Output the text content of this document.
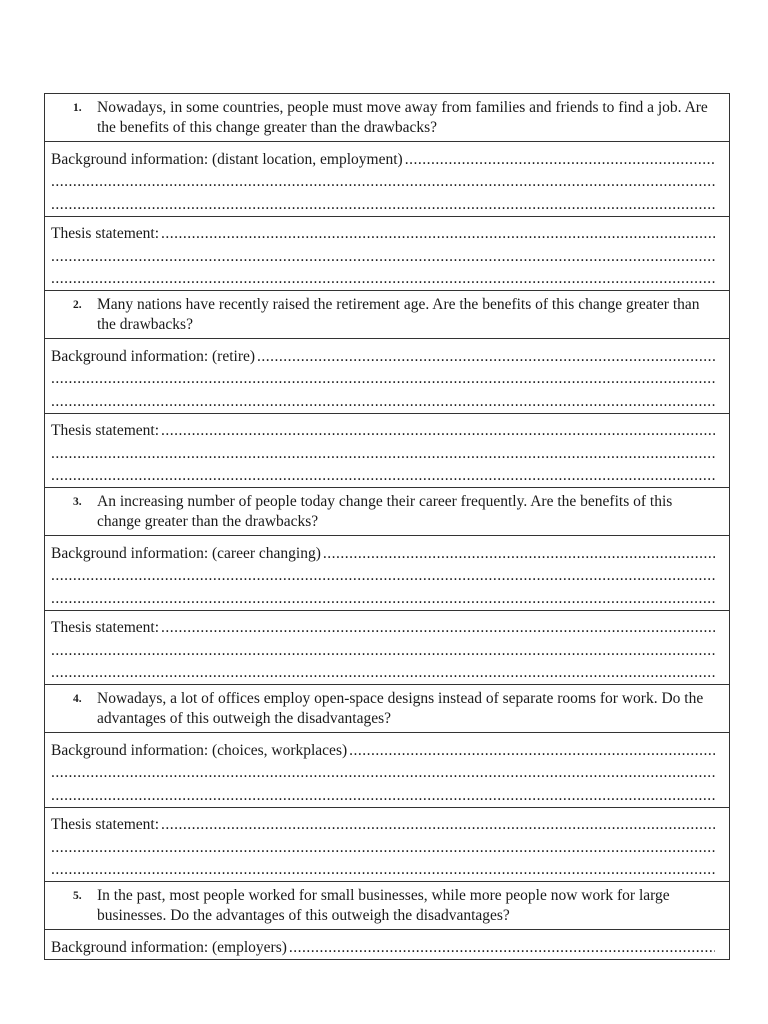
1. Nowadays, in some countries, people must move away from families and friends to find a job. Are the benefits of this change greater than the drawbacks?
Background information: (distant location, employment)
.....
.....
.....
Thesis statement:
.....
.....
.....
2. Many nations have recently raised the retirement age. Are the benefits of this change greater than the drawbacks?
Background information: (retire)
.....
.....
.....
Thesis statement:
.....
.....
.....
3. An increasing number of people today change their career frequently. Are the benefits of this change greater than the drawbacks?
Background information: (career changing)
.....
.....
.....
Thesis statement:
.....
.....
.....
4. Nowadays, a lot of offices employ open-space designs instead of separate rooms for work. Do the advantages of this outweigh the disadvantages?
Background information: (choices, workplaces)
.....
.....
.....
Thesis statement:
.....
.....
.....
5. In the past, most people worked for small businesses, while more people now work for large businesses. Do the advantages of this outweigh the disadvantages?
Background information: (employers)
.....
